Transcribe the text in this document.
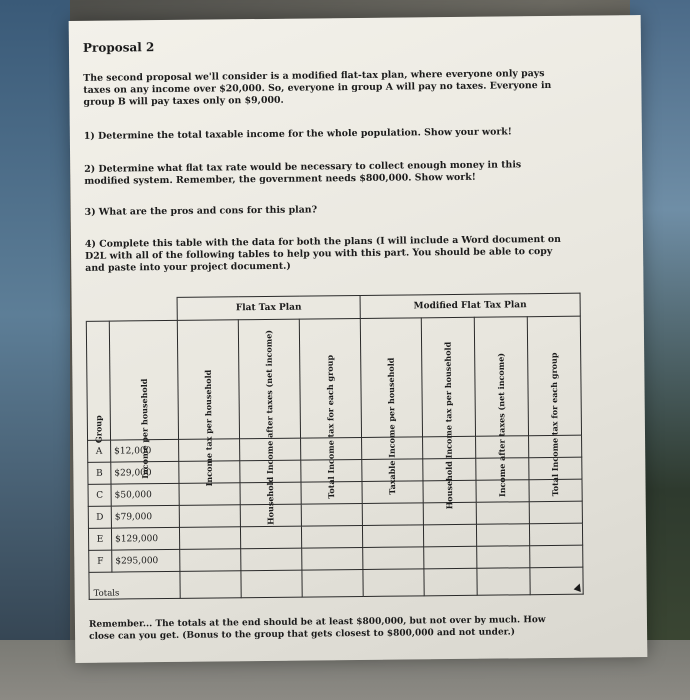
Proposal 2
The second proposal we'll consider is a modified flat-tax plan, where everyone only pays taxes on any income over $20,000. So, everyone in group A will pay no taxes. Everyone in group B will pay taxes only on $9,000.
1) Determine the total taxable income for the whole population. Show your work!
2) Determine what flat tax rate would be necessary to collect enough money in this modified system. Remember, the government needs $800,000. Show work!
3) What are the pros and cons for this plan?
4) Complete this table with the data for both the plans (I will include a Word document on D2L with all of the following tables to help you with this part. You should be able to copy and paste into your project document.)
		Flat Tax Plan			Modified Flat Tax Plan			

Group	Income per household	Income tax per household	Household Income after taxes (net income)	Total Income tax for each group	Taxable Income per household	Household Income tax per household	Income after taxes (net income)	Total Income tax for each group

A	$12,000							
B	$29,000							
C	$50,000							
D	$79,000							
E	$129,000							
F	$295,000							
Totals									▲
Remember... The totals at the end should be at least $800,000, but not over by much. How close can you get. (Bonus to the group that gets closest to $800,000 and not under.)
